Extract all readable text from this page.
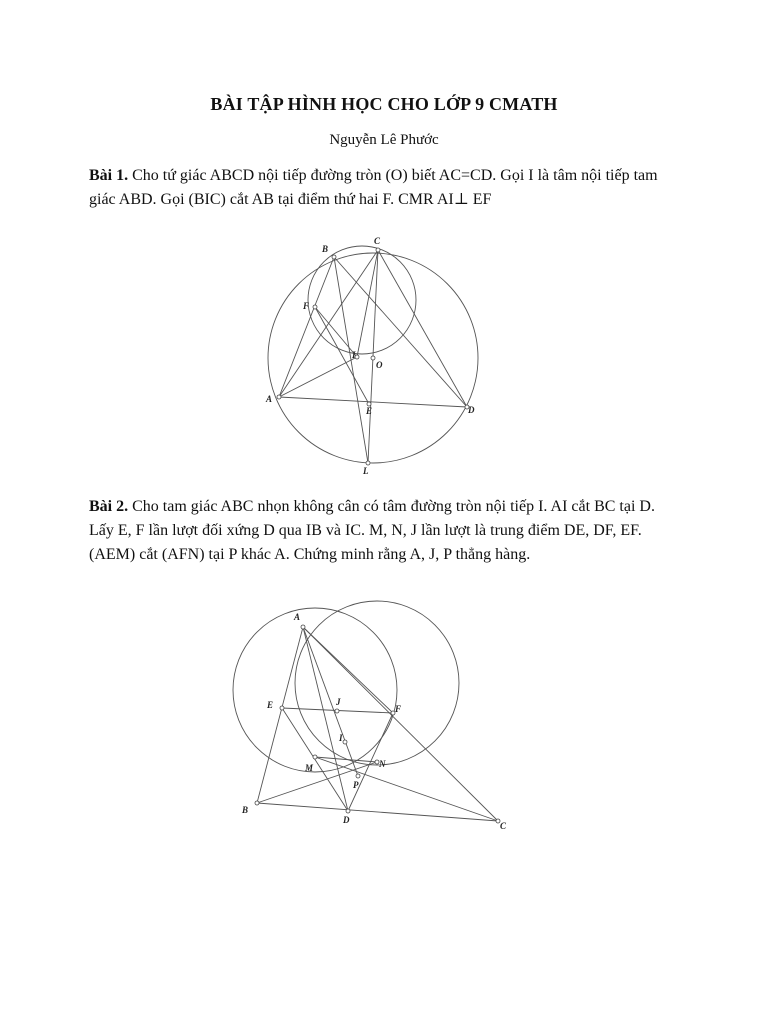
BÀI TẬP HÌNH HỌC CHO LỚP 9 CMATH
Nguyễn Lê Phước
Bài 1. Cho tứ giác ABCD nội tiếp đường tròn (O) biết AC=CD. Gọi I là tâm nội tiếp tam giác ABD. Gọi (BIC) cắt AB tại điểm thứ hai F. CMR AI⊥ EF
A
B
C
D
E
F
I
O
L
Bài 2. Cho tam giác ABC nhọn không cân có tâm đường tròn nội tiếp I. AI cắt BC tại D. Lấy E, F lần lượt đối xứng D qua IB và IC. M, N, J lần lượt là trung điểm DE, DF, EF. (AEM) cắt (AFN) tại P khác A. Chứng minh rằng A, J, P thẳng hàng.
A
B
C
D
E	F
J
I
M	N
P
